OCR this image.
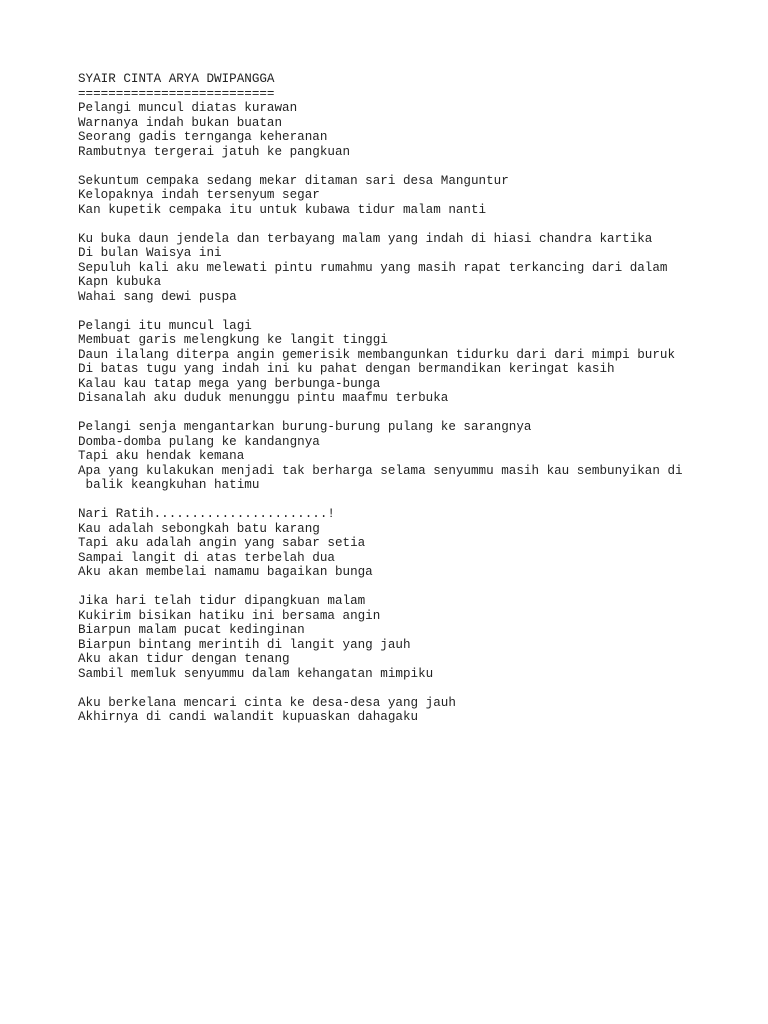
SYAIR CINTA ARYA DWIPANGGA
==========================
Pelangi muncul diatas kurawan
Warnanya indah bukan buatan
Seorang gadis ternganga keheranan
Rambutnya tergerai jatuh ke pangkuan
Sekuntum cempaka sedang mekar ditaman sari desa Manguntur
Kelopaknya indah tersenyum segar
Kan kupetik cempaka itu untuk kubawa tidur malam nanti
Ku buka daun jendela dan terbayang malam yang indah di hiasi chandra kartika
Di bulan Waisya ini
Sepuluh kali aku melewati pintu rumahmu yang masih rapat terkancing dari dalam
Kapn kubuka
Wahai sang dewi puspa
Pelangi itu muncul lagi
Membuat garis melengkung ke langit tinggi
Daun ilalang diterpa angin gemerisik membangunkan tidurku dari dari mimpi buruk
Di batas tugu yang indah ini ku pahat dengan bermandikan keringat kasih
Kalau kau tatap mega yang berbunga-bunga
Disanalah aku duduk menunggu pintu maafmu terbuka
Pelangi senja mengantarkan burung-burung pulang ke sarangnya
Domba-domba pulang ke kandangnya
Tapi aku hendak kemana
Apa yang kulakukan menjadi tak berharga selama senyummu masih kau sembunyikan di
balik keangkuhan hatimu
Nari Ratih.......................!
Kau adalah sebongkah batu karang
Tapi aku adalah angin yang sabar setia
Sampai langit di atas terbelah dua
Aku akan membelai namamu bagaikan bunga
Jika hari telah tidur dipangkuan malam
Kukirim bisikan hatiku ini bersama angin
Biarpun malam pucat kedinginan
Biarpun bintang merintih di langit yang jauh
Aku akan tidur dengan tenang
Sambil memluk senyummu dalam kehangatan mimpiku
Aku berkelana mencari cinta ke desa-desa yang jauh
Akhirnya di candi walandit kupuaskan dahagaku
